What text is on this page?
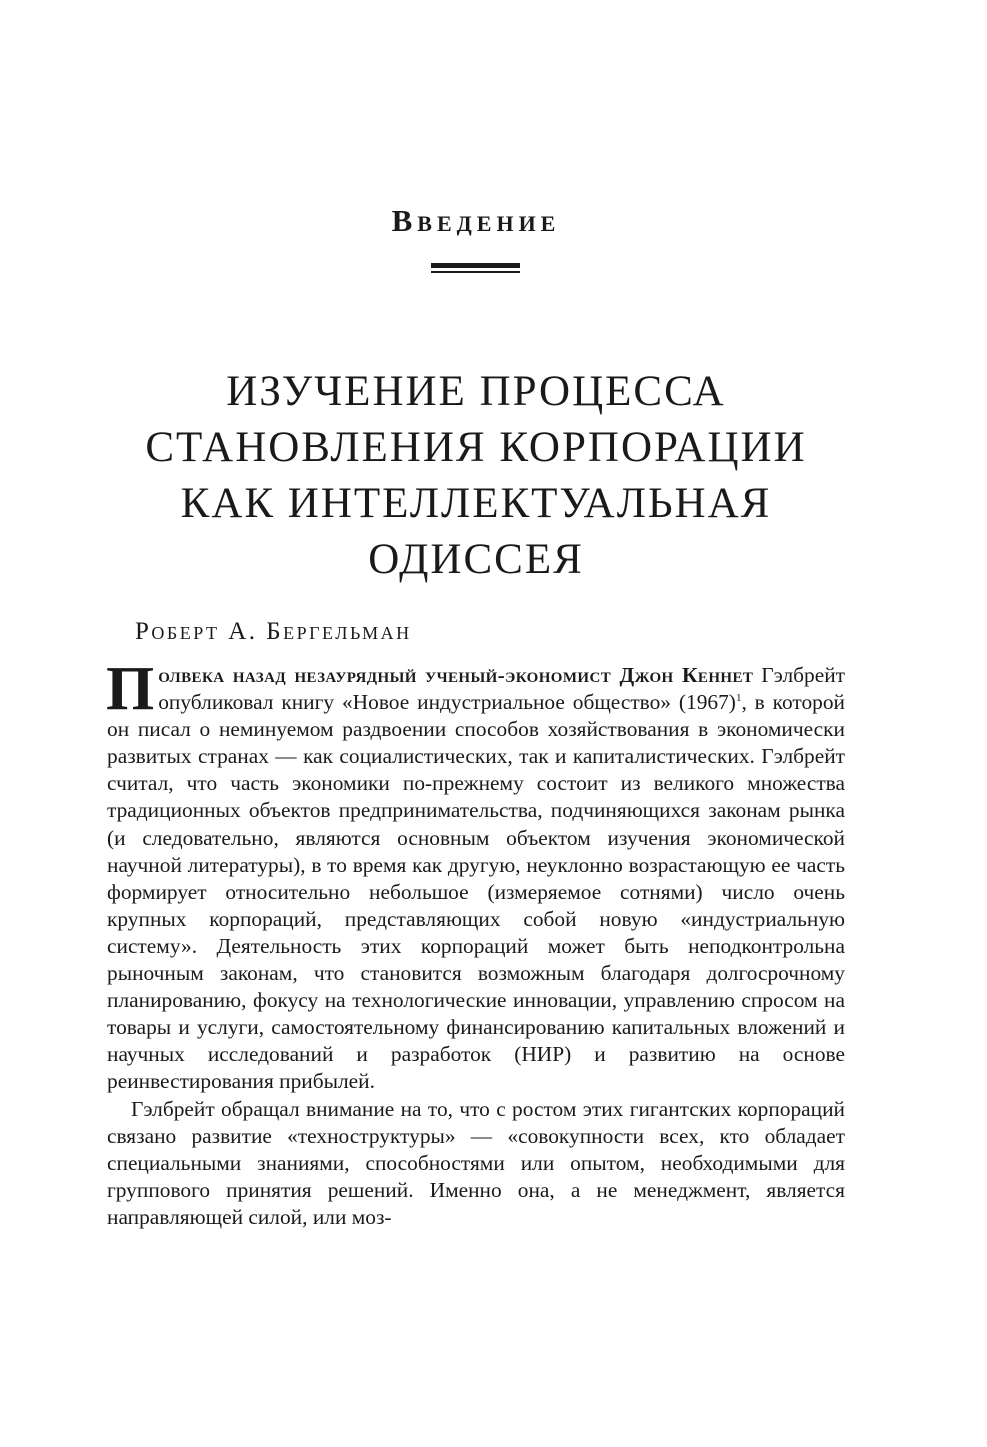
Введение
ИЗУЧЕНИЕ ПРОЦЕССА
СТАНОВЛЕНИЯ КОРПОРАЦИИ
КАК ИНТЕЛЛЕКТУАЛЬНАЯ
ОДИССЕЯ
Роберт А. Бергельман

Полвека назад незаурядный ученый-экономист Джон Кеннет Гэлбрейт опубликовал книгу «Новое индустриальное общество» $(1967)^1$, в которой он писал о неминуемом раздвоении способов хозяйствования в экономически развитых странах — как социалистических, так и капиталистических. Гэлбрейт считал, что часть экономики по-прежнему состоит из великого множества традиционных объектов предпринимательства, подчиняющихся законам рынка (и следовательно, являются основным объектом изучения экономической научной литературы), в то время как другую, неуклонно возрастающую ее часть формирует относительно небольшое (измеряемое сотнями) число очень крупных корпораций, представляющих собой новую «индустриальную систему». Деятельность этих корпораций может быть неподконтрольна рыночным законам, что становится возможным благодаря долгосрочному планированию, фокусу на технологические инновации, управлению спросом на товары и услуги, самостоятельному финансированию капитальных вложений и научных исследований и разработок (НИР) и развитию на основе реинвестирования прибылей.

Гэлбрейт обращал внимание на то, что с ростом этих гигантских корпораций связано развитие «техноструктуры» — «совокупности всех, кто обладает специальными знаниями, способностями или опытом, необходимыми для группового принятия решений. Именно она, а не менеджмент, является направляющей силой, или моз-
